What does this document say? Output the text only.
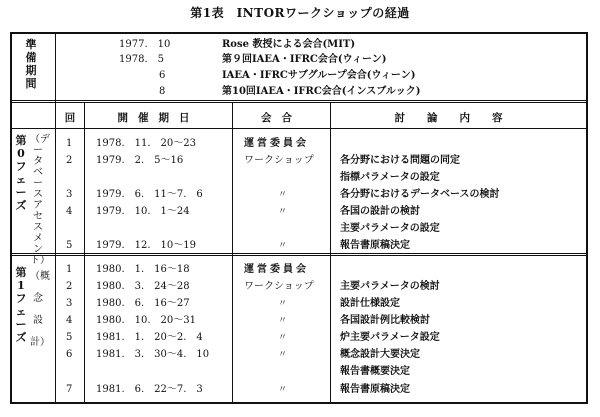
第1表　INTORワークショップの経過
準備期間
1977.　10	Rose 教授による会合(MIT)
1978.　5	第９回IAEA・IFRC会合(ウィーン)
6	IAEA・IFRCサブグループ会合(ウィーン)
8	第10回IAEA・IFRC会合(インスブルック)
回	開催期日	会合	討論内容
第0フェーズ
（データベースアセスメント）
1 1978.　11.　20〜23	運営委員会
2 1979.　2.　5〜16	ワークショップ	各分野における問題の同定
指標パラメータの設定
3 1979.　6.　11〜7.　6	〃	各分野におけるデータベースの検討
4 1979.　10.　1〜24	〃	各国の設計の検討
主要パラメータの設定
5 1979.　12.　10〜19	〃	報告書原稿決定
第1フェーズ
（概念設計）
1 1980.　1.　16〜18	運営委員会
2 1980.　3.　24〜28	ワークショップ	主要パラメータの検討
3 1980.　6.　16〜27	〃	設計仕様設定
4 1980.　10.　20〜31	〃	各国設計例比較検討
5 1981.　1.　20〜2.　4	〃	炉主要パラメータ設定
6 1981.　3.　30〜4.　10	〃	概念設計大要決定
報告書概要決定
7 1981.　6.　22〜7.　3	〃	報告書原稿決定
